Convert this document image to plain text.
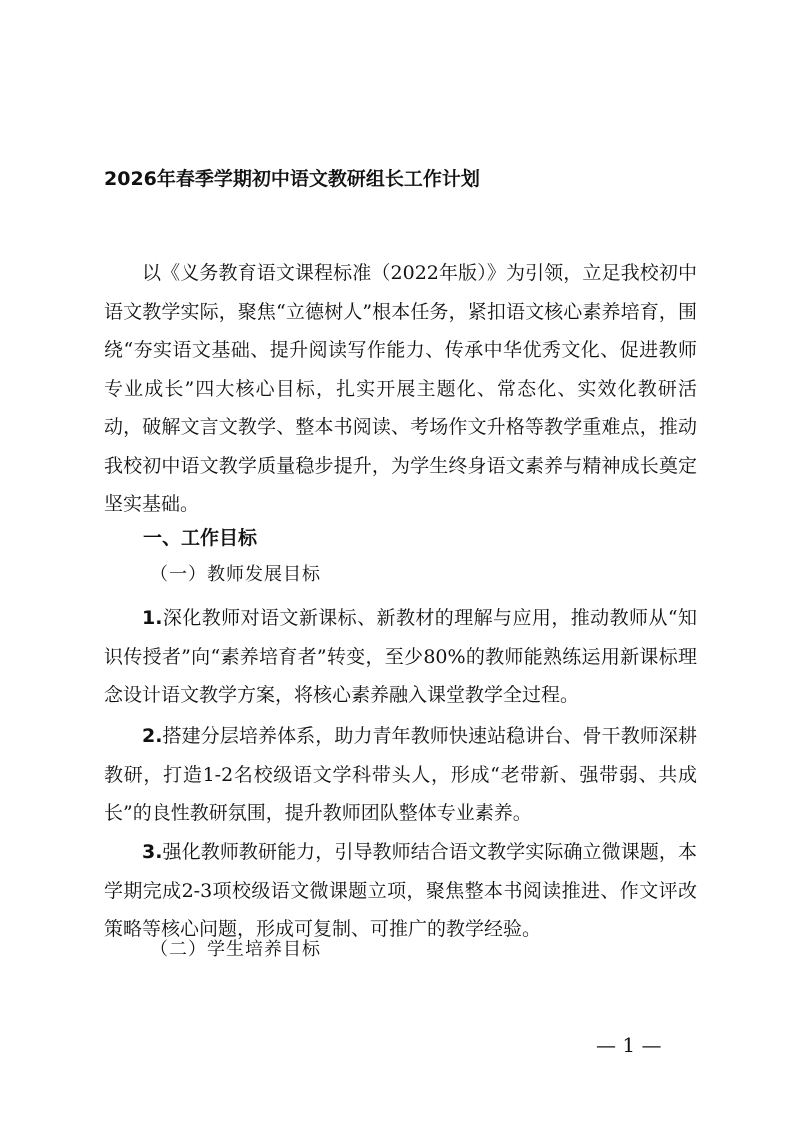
2026年春季学期初中语文教研组长工作计划
以《义务教育语文课程标准（2022年版）》为引领，立足我校初中语文教学实际，聚焦“立德树人”根本任务，紧扣语文核心素养培育，围绕“夯实语文基础、提升阅读写作能力、传承中华优秀文化、促进教师专业成长”四大核心目标，扎实开展主题化、常态化、实效化教研活动，破解文言文教学、整本书阅读、考场作文升格等教学重难点，推动我校初中语文教学质量稳步提升，为学生终身语文素养与精神成长奠定坚实基础。
一、工作目标
（一）教师发展目标
1.深化教师对语文新课标、新教材的理解与应用，推动教师从“知识传授者”向“素养培育者”转变，至少80%的教师能熟练运用新课标理念设计语文教学方案，将核心素养融入课堂教学全过程。
2.搭建分层培养体系，助力青年教师快速站稳讲台、骨干教师深耕教研，打造1-2名校级语文学科带头人，形成“老带新、强带弱、共成长”的良性教研氛围，提升教师团队整体专业素养。
3.强化教师教研能力，引导教师结合语文教学实际确立微课题，本学期完成2-3项校级语文微课题立项，聚焦整本书阅读推进、作文评改策略等核心问题，形成可复制、可推广的教学经验。
（二）学生培养目标
— 1 —
